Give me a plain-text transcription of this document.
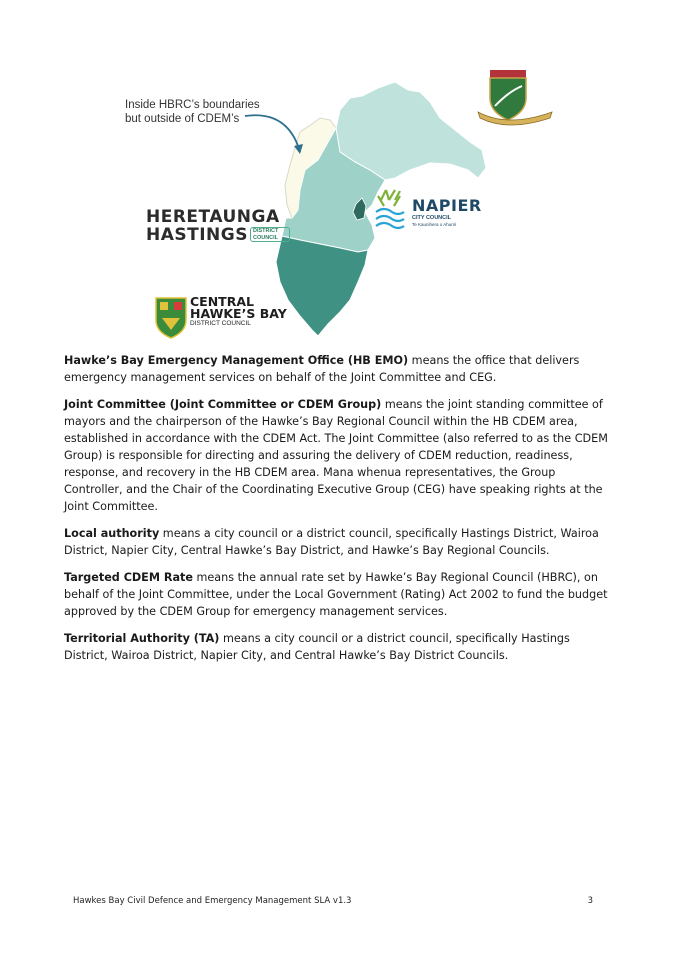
Inside HBRC’s boundaries
but outside of CDEM’s
HERETAUNGA
HASTINGS DISTRICT COUNCIL
NAPIER
CITY COUNCIL
Te Kaunihera o Ahuriri
CENTRAL
HAWKE’S BAY
DISTRICT COUNCIL

Hawke’s Bay Emergency Management Office (HB EMO) means the office that delivers emergency management services on behalf of the Joint Committee and CEG.

Joint Committee (Joint Committee or CDEM Group) means the joint standing committee of mayors and the chairperson of the Hawke’s Bay Regional Council within the HB CDEM area, established in accordance with the CDEM Act. The Joint Committee (also referred to as the CDEM Group) is responsible for directing and assuring the delivery of CDEM reduction, readiness, response, and recovery in the HB CDEM area. Mana whenua representatives, the Group Controller, and the Chair of the Coordinating Executive Group (CEG) have speaking rights at the Joint Committee.

Local authority means a city council or a district council, specifically Hastings District, Wairoa District, Napier City, Central Hawke’s Bay District, and Hawke’s Bay Regional Councils.

Targeted CDEM Rate means the annual rate set by Hawke’s Bay Regional Council (HBRC), on behalf of the Joint Committee, under the Local Government (Rating) Act 2002 to fund the budget approved by the CDEM Group for emergency management services.

Territorial Authority (TA) means a city council or a district council, specifically Hastings District, Wairoa District, Napier City, and Central Hawke’s Bay District Councils.

Hawkes Bay Civil Defence and Emergency Management SLA v1.3	3
